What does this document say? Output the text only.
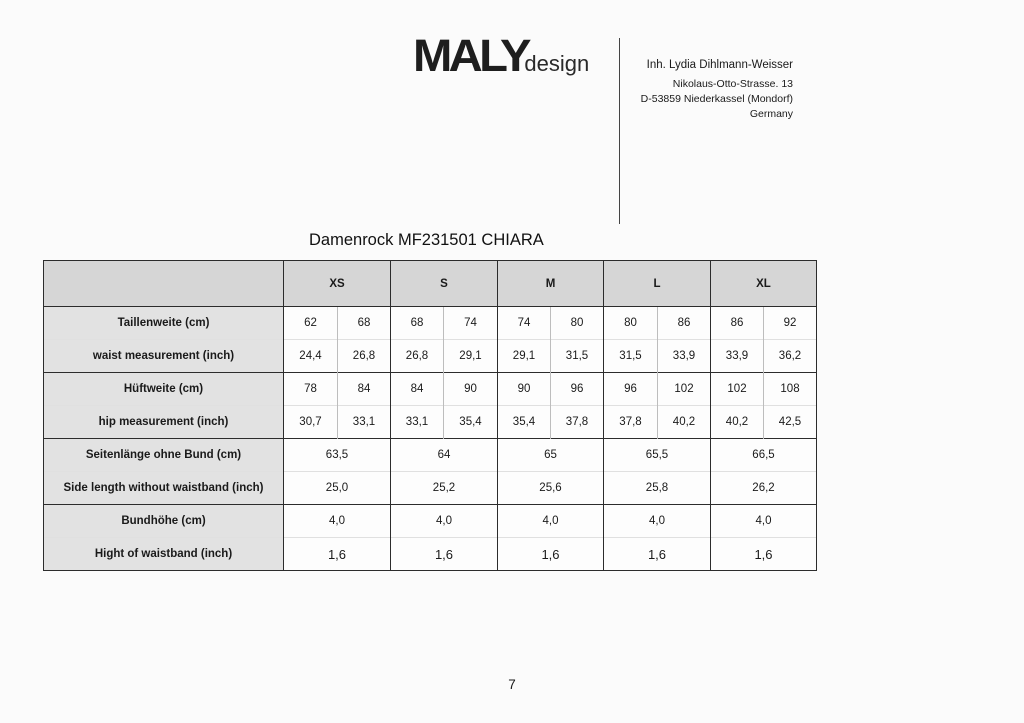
MALYdesign	Inh. Lydia Dihlmann-Weisser
Nikolaus-Otto-Strasse. 13
D-53859 Niederkassel (Mondorf)
Germany
Damenrock MF231501 CHIARA
	XS		S		M		L		XL	
Taillenweite (cm)	62	68	68	74	74	80	80	86	86	92
waist measurement (inch)	24,4	26,8	26,8	29,1	29,1	31,5	31,5	33,9	33,9	36,2
Hüftweite (cm)	78	84	84	90	90	96	96	102	102	108
hip measurement (inch)	30,7	33,1	33,1	35,4	35,4	37,8	37,8	40,2	40,2	42,5
Seitenlänge ohne Bund (cm)	63,5		64		65		65,5		66,5	
Side length without waistband (inch)	25,0		25,2		25,6		25,8		26,2	
Bundhöhe (cm)	4,0		4,0		4,0		4,0		4,0	
Hight of waistband (inch)	1,6		1,6		1,6		1,6		1,6	
7
